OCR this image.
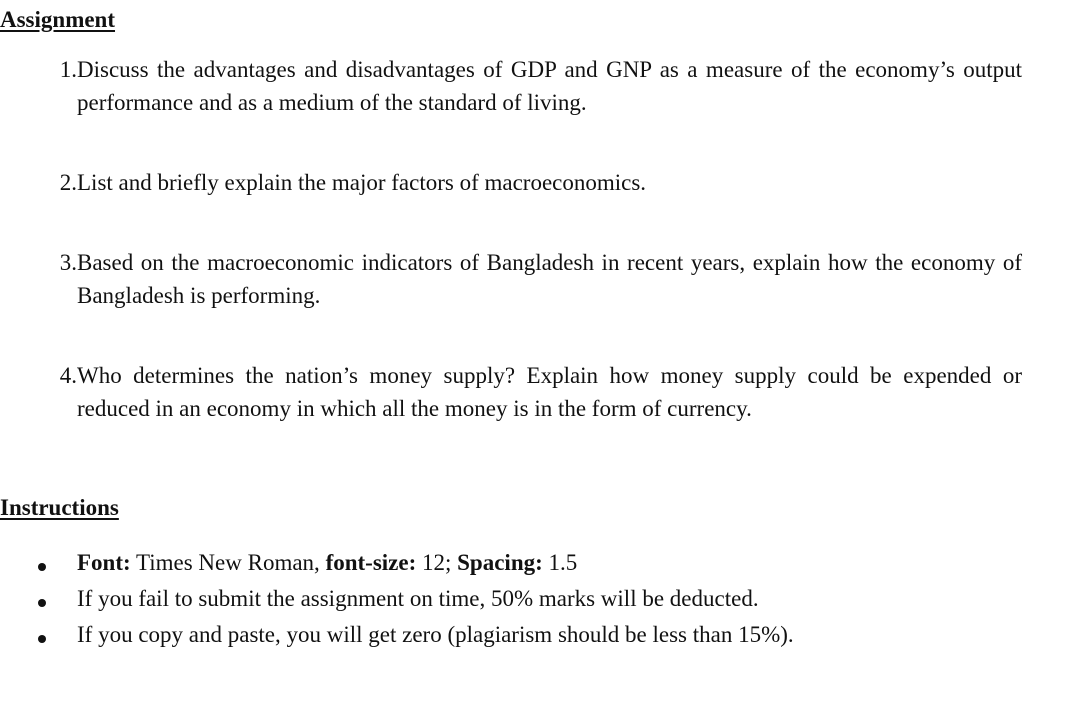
Assignment
1. Discuss the advantages and disadvantages of GDP and GNP as a measure of the economy’s output performance and as a medium of the standard of living.
2. List and briefly explain the major factors of macroeconomics.
3. Based on the macroeconomic indicators of Bangladesh in recent years, explain how the economy of Bangladesh is performing.
4. Who determines the nation’s money supply? Explain how money supply could be expended or reduced in an economy in which all the money is in the form of currency.
Instructions
Font: Times New Roman, font-size: 12; Spacing: 1.5
If you fail to submit the assignment on time, 50% marks will be deducted.
If you copy and paste, you will get zero (plagiarism should be less than 15%).
